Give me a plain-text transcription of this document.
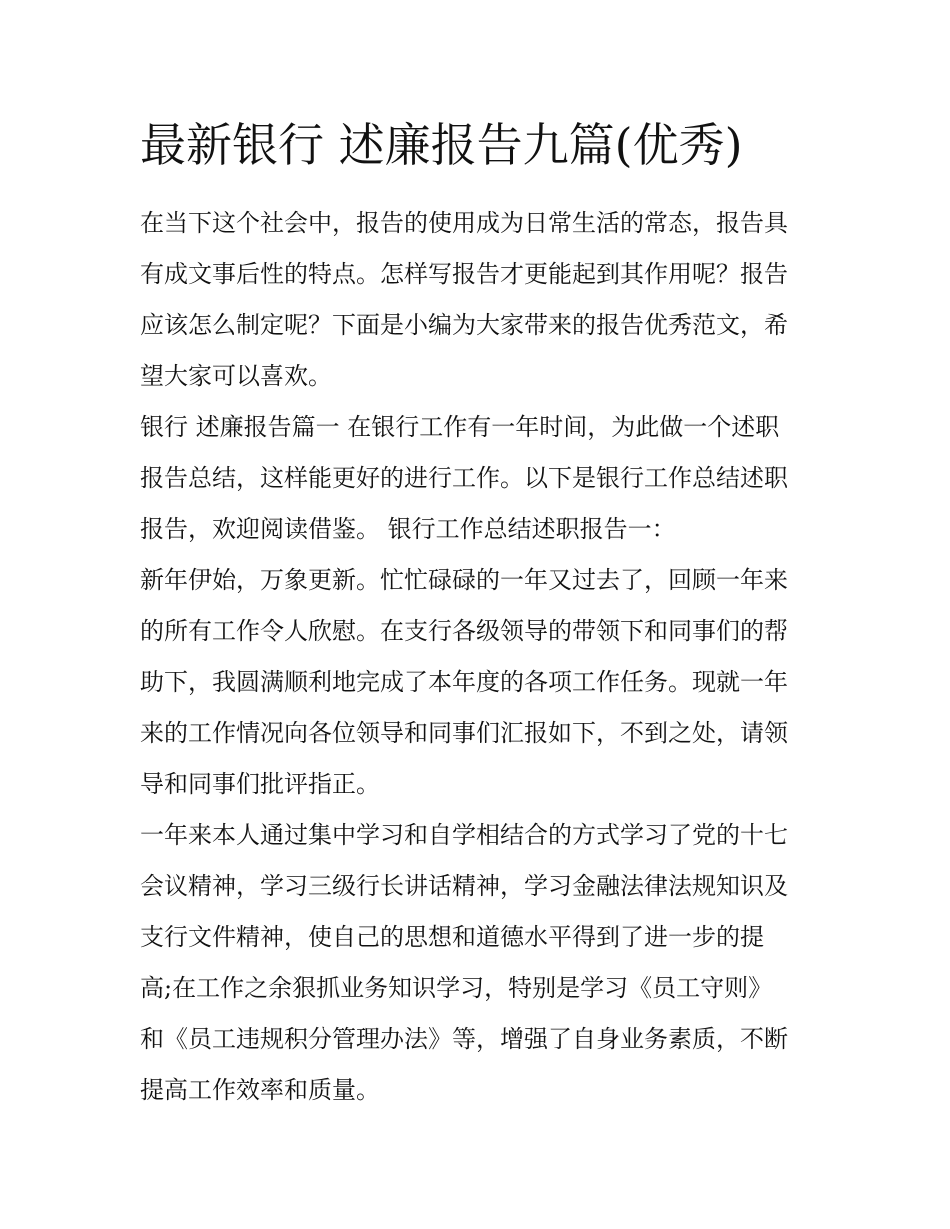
最新银行 述廉报告九篇(优秀)
在当下这个社会中，报告的使用成为日常生活的常态，报告具
有成文事后性的特点。怎样写报告才更能起到其作用呢？报告
应该怎么制定呢？下面是小编为大家带来的报告优秀范文，希
望大家可以喜欢。
银行 述廉报告篇一 在银行工作有一年时间，为此做一个述职
报告总结，这样能更好的进行工作。以下是银行工作总结述职
报告，欢迎阅读借鉴。 银行工作总结述职报告一：
新年伊始，万象更新。忙忙碌碌的一年又过去了，回顾一年来
的所有工作令人欣慰。在支行各级领导的带领下和同事们的帮
助下，我圆满顺利地完成了本年度的各项工作任务。现就一年
来的工作情况向各位领导和同事们汇报如下，不到之处，请领
导和同事们批评指正。
一年来本人通过集中学习和自学相结合的方式学习了党的十七
会议精神，学习三级行长讲话精神，学习金融法律法规知识及
支行文件精神，使自己的思想和道德水平得到了进一步的提
高;在工作之余狠抓业务知识学习，特别是学习《员工守则》
和《员工违规积分管理办法》等，增强了自身业务素质，不断
提高工作效率和质量。
